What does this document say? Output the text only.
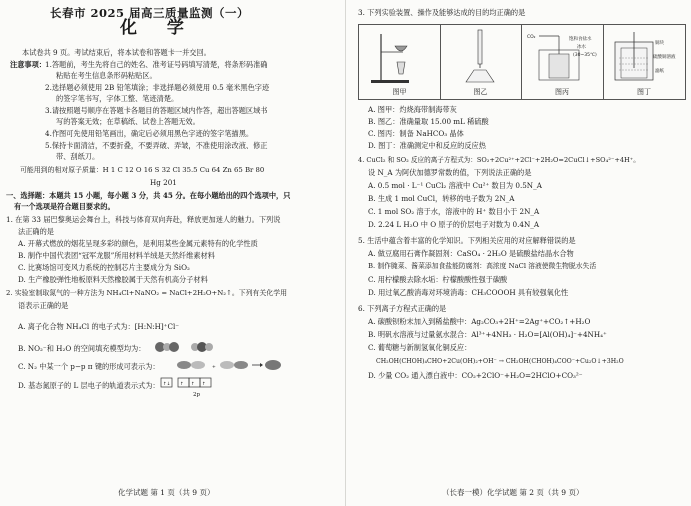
长春市 2025 届高三质量监测（一）
化 学
本试卷共 9 页。考试结束后，将本试卷和答题卡一并交回。
注意事项： 1.答题前，考生先将自己的姓名、准考证号码填写清楚，将条形码准确
粘贴在考生信息条形码粘贴区。
2.选择题必须使用 2B 铅笔填涂；非选择题必须使用 0.5 毫米黑色字迹
的签字笔书写，字体工整、笔迹清楚。
3.请按照题号顺序在答题卡各题目的答题区域内作答，超出答题区域书
写的答案无效；在草稿纸、试卷上答题无效。
4.作图可先使用铅笔画出，确定后必须用黑色字迹的签字笔描黑。
5.保持卡面清洁，不要折叠，不要弄破、弄皱，不准使用涂改液、修正
带、刮纸刀。
可能用到的相对原子质量：H 1 C 12 O 16 S 32 Cl 35.5 Cu 64 Zn 65 Br 80
Hg 201
一、选择题：本题共 15 小题，每小题 3 分，共 45 分。在每小题给出的四个选项中，只
有一个选项是符合题目要求的。
1. 在第 33 届巴黎奥运会舞台上，科技与体育双向奔赴，释放更加迷人的魅力。下列说
法正确的是
A. 开幕式燃放的烟花呈现多彩的颜色，是利用某些金属元素特有的化学性质
B. 制作中国代表团“冠军龙服”所用材料羊绒是天然纤维素材料
C. 比赛场馆可变风力系统的控制芯片主要成分为 SiO₂
D. 生产橡胶弹性地板原料天然橡胶属于天然有机高分子材料
2. 实验室制取氮气的一种方法为 NH₄Cl+NaNO₂ = NaCl+2H₂O+N₂↑。下列有关化学用
语表示正确的是
A. 离子化合物 NH₄Cl 的电子式为：[H:N:H]⁺Cl⁻
B. NO₂⁻和 H₂O 的空间填充模型均为：
C. N₂ 中某一个 p−p π 键的形成可表示为：	+
D. 基态氮原子的 L 层电子的轨道表示式为： ↑↓ ↑ ↑ ↑
2p
化学试题 第 1 页（共 9 页）
3. 下列实验装置、操作及能够达成的目的均正确的是
图甲	图乙
CO₂	饱和食盐水
冰水
(30~35℃)
图丙
铜块
硫酸铜溶液
滤纸
图丁
A. 图甲：灼烧海带制海带灰
B. 图乙：准确量取 15.00 mL 稀硫酸
C. 图丙：制备 NaHCO₃ 晶体
D. 图丁：准确测定中和反应的反应热
4. CuCl₂ 和 SO₂ 反应的离子方程式为：SO₂+2Cu²⁺+2Cl⁻+2H₂O=2CuCl↓+SO₄²⁻+4H⁺。
设 N_A 为阿伏加德罗常数的值，下列说法正确的是
A. 0.5 mol · L⁻¹ CuCl₂ 溶液中 Cu²⁺ 数目为 0.5N_A
B. 生成 1 mol CuCl，转移的电子数为 2N_A
C. 1 mol SO₂ 溶于水，溶液中的 H⁺ 数目小于 2N_A
D. 2.24 L H₂O 中 O 原子的价层电子对数为 0.4N_A
5. 生活中蕴含着丰富的化学知识。下列相关应用的对应解释错误的是
A. 做豆腐用石膏作凝固剂：CaSO₄ · 2H₂O 是硫酸盐结晶水合物
B. 制作腌菜、酱菜添加食盐能防腐剂：高浓度 NaCl 溶液使微生物脱水失活
C. 用柠檬酸去除水垢：柠檬酸酸性强于碳酸
D. 用过氧乙酸消毒对环境消毒：CH₃COOOH 具有较强氧化性
6. 下列离子方程式正确的是
A. 碳酸钡粉末加入到稀盐酸中：Ag₂CO₃+2H⁺=2Ag⁺+CO₂↑+H₂O
B. 明矾水溶液与过量氨水混合：Al³⁺+4NH₃ · H₂O=[Al(OH)₄]⁻+4NH₄⁺
C. 葡萄糖与新制氢氧化铜反应：
CH₂OH(CHOH)₄CHO+2Cu(OH)₂+OH⁻ → CH₂OH(CHOH)₄COO⁻+Cu₂O↓+3H₂O
D. 少量 CO₂ 通入漂白液中：CO₂+2ClO⁻+H₂O=2HClO+CO₃²⁻
（长春一模）化学试题 第 2 页（共 9 页）
